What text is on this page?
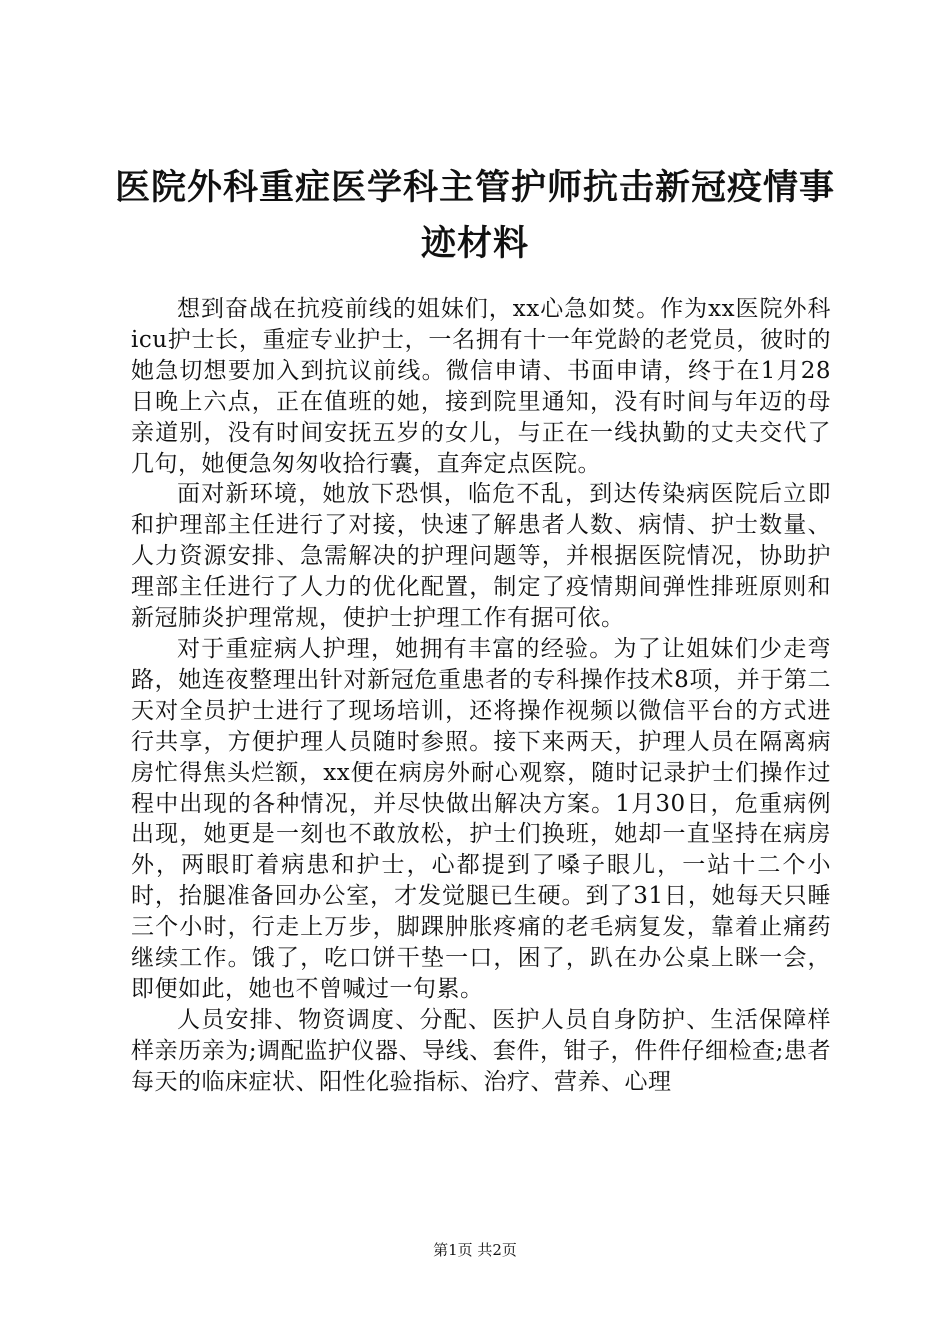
医院外科重症医学科主管护师抗击新冠疫情事迹材料

想到奋战在抗疫前线的姐妹们，xx心急如焚。作为xx医院外科icu护士长，重症专业护士，一名拥有十一年党龄的老党员，彼时的她急切想要加入到抗议前线。微信申请、书面申请，终于在1月28日晚上六点，正在值班的她，接到院里通知，没有时间与年迈的母亲道别，没有时间安抚五岁的女儿，与正在一线执勤的丈夫交代了几句，她便急匆匆收拾行囊，直奔定点医院。

面对新环境，她放下恐惧，临危不乱，到达传染病医院后立即和护理部主任进行了对接，快速了解患者人数、病情、护士数量、人力资源安排、急需解决的护理问题等，并根据医院情况，协助护理部主任进行了人力的优化配置，制定了疫情期间弹性排班原则和新冠肺炎护理常规，使护士护理工作有据可依。

对于重症病人护理，她拥有丰富的经验。为了让姐妹们少走弯路，她连夜整理出针对新冠危重患者的专科操作技术8项，并于第二天对全员护士进行了现场培训，还将操作视频以微信平台的方式进行共享，方便护理人员随时参照。接下来两天，护理人员在隔离病房忙得焦头烂额，xx便在病房外耐心观察，随时记录护士们操作过程中出现的各种情况，并尽快做出解决方案。1月30日，危重病例出现，她更是一刻也不敢放松，护士们换班，她却一直坚持在病房外，两眼盯着病患和护士，心都提到了嗓子眼儿，一站十二个小时，抬腿准备回办公室，才发觉腿已生硬。到了31日，她每天只睡三个小时，行走上万步，脚踝肿胀疼痛的老毛病复发，靠着止痛药继续工作。饿了，吃口饼干垫一口，困了，趴在办公桌上眯一会，即便如此，她也不曾喊过一句累。

人员安排、物资调度、分配、医护人员自身防护、生活保障样样亲历亲为;调配监护仪器、导线、套件，钳子，件件仔细检查;患者每天的临床症状、阳性化验指标、治疗、营养、心理

第1页 共2页
